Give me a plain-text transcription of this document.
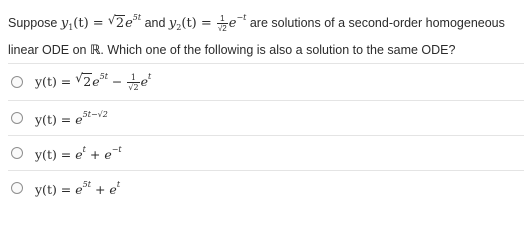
Suppose $y_1(t)$ = √ $2e^{5t}$ and $y_2(t) = \frac{1}{√2} e^{-t}$ are solutions of a second-order homogeneous
linear ODE on ℝ. Which one of the following is also a solution to the same ODE?
y(t) = √ $2e^{5t} - \frac{1}{√2} e^t$
$y(t) = e^{5t-√2}$
$y(t) = e^t + e^{-t}$
$y(t) = e^{5t} + e^t$
